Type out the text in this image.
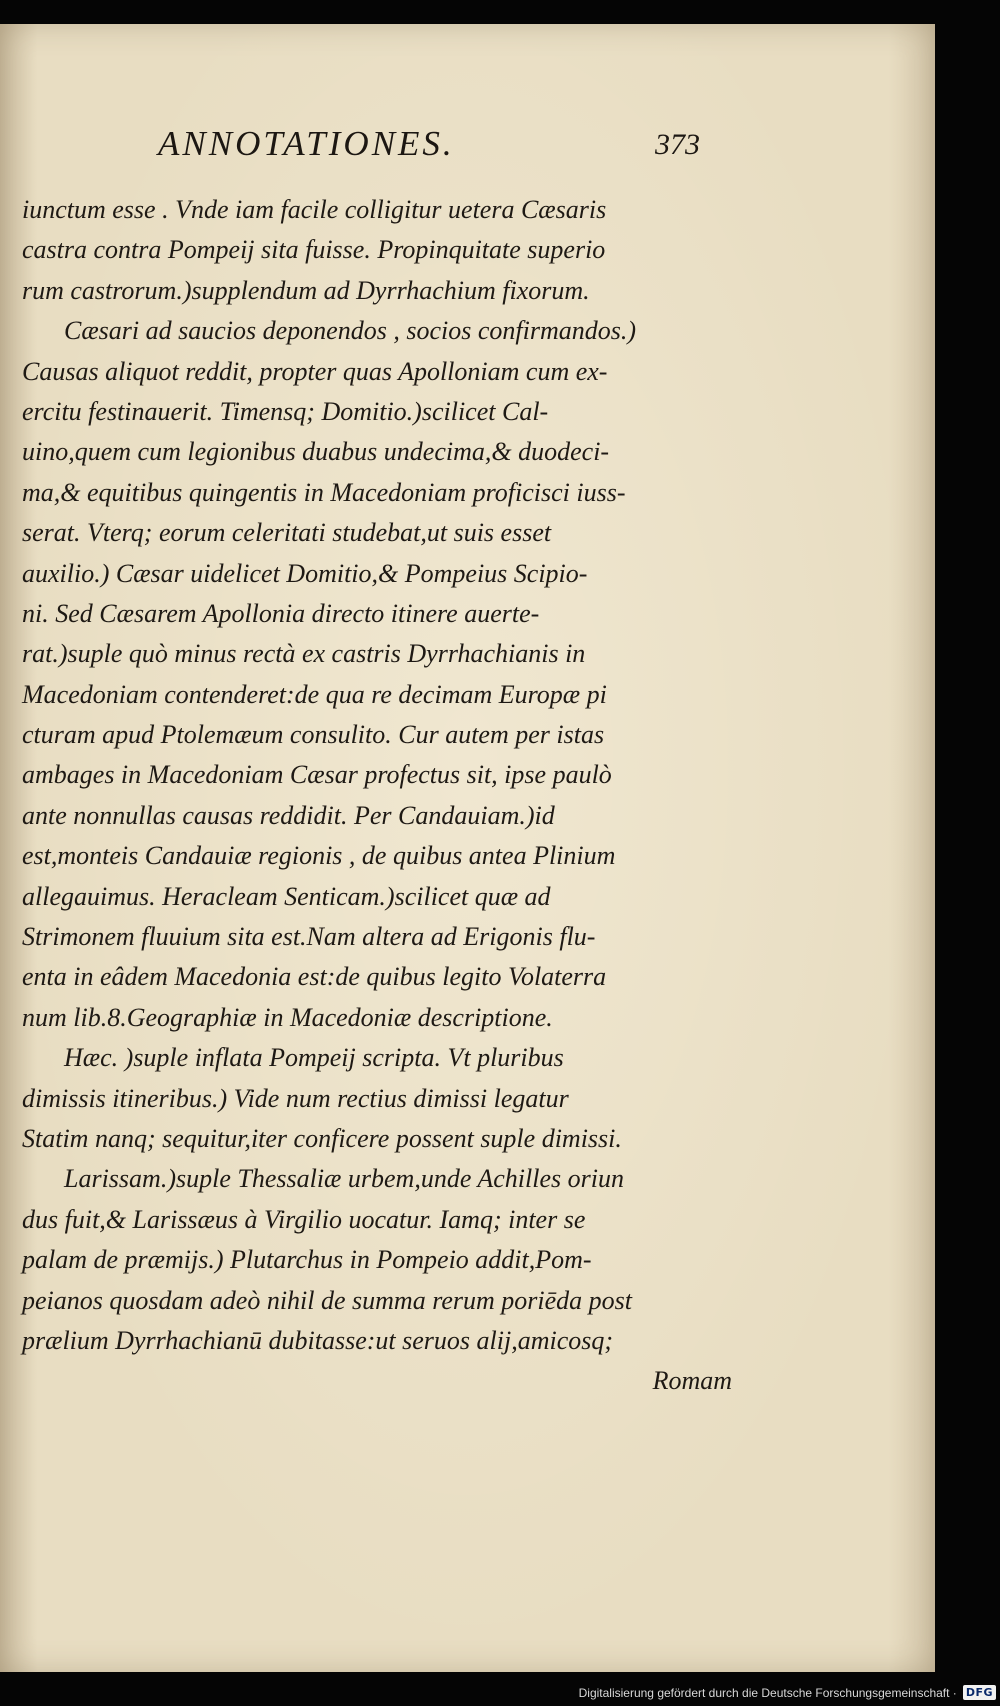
ANNOTATIONES.	373
iunctum esse . Vnde iam facile colligitur uetera Cæsaris
castra contra Pompeij sita fuisse. Propinquitate superio
rum castrorum.)supplendum ad Dyrrhachium fixorum.
Cæsari ad saucios deponendos , socios confirmandos.)
Causas aliquot reddit, propter quas Apolloniam cum ex-
ercitu festinauerit. Timensq; Domitio.)scilicet Cal-
uino,quem cum legionibus duabus undecima,& duodeci-
ma,& equitibus quingentis in Macedoniam proficisci iuss-
serat. Vterq; eorum celeritati studebat,ut suis esset
auxilio.) Cæsar uidelicet Domitio,& Pompeius Scipio-
ni. Sed Cæsarem Apollonia directo itinere auerte-
rat.)suple quò minus rectà ex castris Dyrrhachianis in
Macedoniam contenderet:de qua re decimam Europæ pi
cturam apud Ptolemæum consulito. Cur autem per istas
ambages in Macedoniam Cæsar profectus sit, ipse paulò
ante nonnullas causas reddidit. Per Candauiam.)id
est,monteis Candauiæ regionis , de quibus antea Plinium
allegauimus. Heracleam Senticam.)scilicet quæ ad
Strimonem fluuium sita est.Nam altera ad Erigonis flu-
enta in eâdem Macedonia est:de quibus legito Volaterra
num lib.8.Geographiæ in Macedoniæ descriptione.
Hæc. )suple inflata Pompeij scripta. Vt pluribus
dimissis itineribus.) Vide num rectius dimissi legatur
Statim nanq; sequitur,iter conficere possent suple dimissi.
Larissam.)suple Thessaliæ urbem,unde Achilles oriun
dus fuit,& Larissæus à Virgilio uocatur. Iamq; inter se
palam de præmijs.) Plutarchus in Pompeio addit,Pom-
peianos quosdam adeò nihil de summa rerum poriēda post
prælium Dyrrhachianū dubitasse:ut seruos alij,amicosq;
Romam
Digitalisierung gefördert durch die Deutsche Forschungsgemeinschaft · DFG
